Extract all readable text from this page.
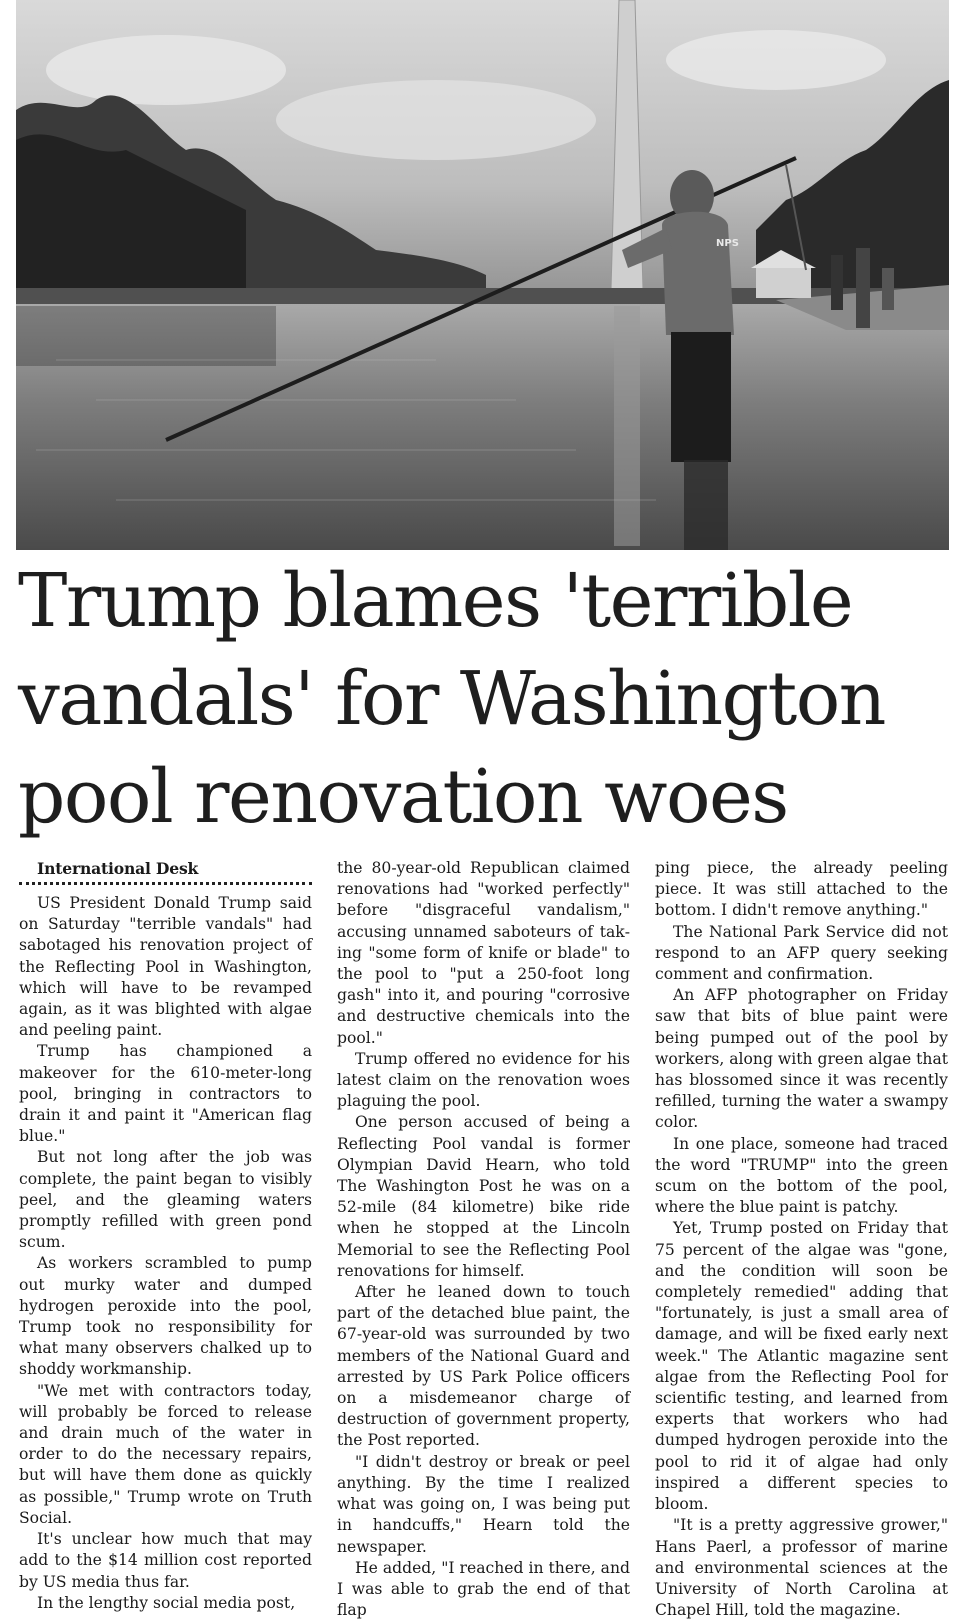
NPS
Trump blames 'terrible vandals' for Washington pool renovation woes

International Desk

US President Donald Trump said on Saturday "terrible vandals" had sabotaged his renovation project of the Reflecting Pool in Washington, which will have to be revamped again, as it was blighted with algae and peeling paint.

Trump has championed a makeover for the 610-meter-long pool, bringing in contractors to drain it and paint it "American flag blue."

But not long after the job was complete, the paint began to visibly peel, and the gleaming waters promptly refilled with green pond scum.

As workers scrambled to pump out murky water and dumped hydrogen peroxide into the pool, Trump took no responsibility for what many observers chalked up to shoddy workmanship.

"We met with contractors today, will probably be forced to release and drain much of the water in order to do the necessary repairs, but will have them done as quickly as possible," Trump wrote on Truth Social.

It's unclear how much that may add to the $14 million cost reported by US media thus far.

In the lengthy social media post,

the 80-year-old Republican claimed renovations had "worked perfectly" before "disgraceful vandalism," accusing unnamed saboteurs of taking "some form of knife or blade" to the pool to "put a 250-foot long gash" into it, and pouring "corrosive and destructive chemicals into the pool."

Trump offered no evidence for his latest claim on the renovation woes plaguing the pool.

One person accused of being a Reflecting Pool vandal is former Olympian David Hearn, who told The Washington Post he was on a 52-mile (84 kilometre) bike ride when he stopped at the Lincoln Memorial to see the Reflecting Pool renovations for himself.

After he leaned down to touch part of the detached blue paint, the 67-year-old was surrounded by two members of the National Guard and arrested by US Park Police officers on a misdemeanor charge of destruction of government property, the Post reported.

"I didn't destroy or break or peel anything. By the time I realized what was going on, I was being put in handcuffs," Hearn told the newspaper.

He added, "I reached in there, and I was able to grab the end of that flap

ping piece, the already peeling piece. It was still attached to the bottom. I didn't remove anything."

The National Park Service did not respond to an AFP query seeking comment and confirmation.

An AFP photographer on Friday saw that bits of blue paint were being pumped out of the pool by workers, along with green algae that has blossomed since it was recently refilled, turning the water a swampy color.

In one place, someone had traced the word "TRUMP" into the green scum on the bottom of the pool, where the blue paint is patchy.

Yet, Trump posted on Friday that 75 percent of the algae was "gone, and the condition will soon be completely remedied" adding that "fortunately, is just a small area of damage, and will be fixed early next week." The Atlantic magazine sent algae from the Reflecting Pool for scientific testing, and learned from experts that workers who had dumped hydrogen peroxide into the pool to rid it of algae had only inspired a different species to bloom.

"It is a pretty aggressive grower," Hans Paerl, a professor of marine and environmental sciences at the University of North Carolina at Chapel Hill, told the magazine.
